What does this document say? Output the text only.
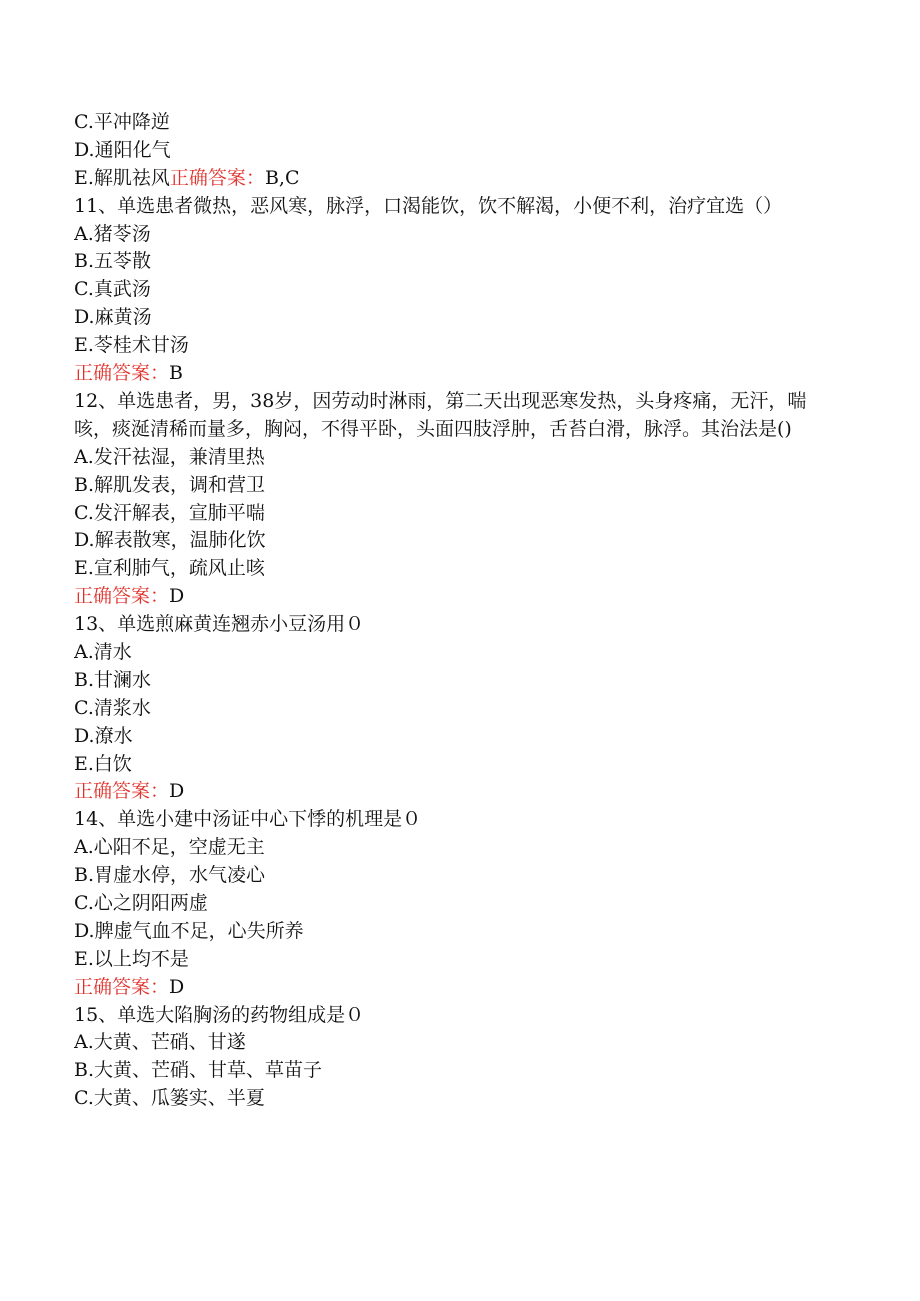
C.平冲降逆
D.通阳化气
E.解肌祛风正确答案：B,C
11、单选患者微热，恶风寒，脉浮，口渴能饮，饮不解渴，小便不利，治疗宜选（）
A.猪苓汤
B.五苓散
C.真武汤
D.麻黄汤
E.苓桂术甘汤
正确答案：B
12、单选患者，男，38岁，因劳动时淋雨，第二天出现恶寒发热，头身疼痛，无汗，喘咳，痰涎清稀而量多，胸闷，不得平卧，头面四肢浮肿，舌苔白滑，脉浮。其治法是()
A.发汗祛湿，兼清里热
B.解肌发表，调和营卫
C.发汗解表，宣肺平喘
D.解表散寒，温肺化饮
E.宣利肺气，疏风止咳
正确答案：D
13、单选煎麻黄连翘赤小豆汤用０
A.清水
B.甘澜水
C.清浆水
D.潦水
E.白饮
正确答案：D
14、单选小建中汤证中心下悸的机理是０
A.心阳不足，空虚无主
B.胃虚水停，水气凌心
C.心之阴阳两虚
D.脾虚气血不足，心失所养
E.以上均不是
正确答案：D
15、单选大陷胸汤的药物组成是０
A.大黄、芒硝、甘遂
B.大黄、芒硝、甘草、草苗子
C.大黄、瓜篓实、半夏
